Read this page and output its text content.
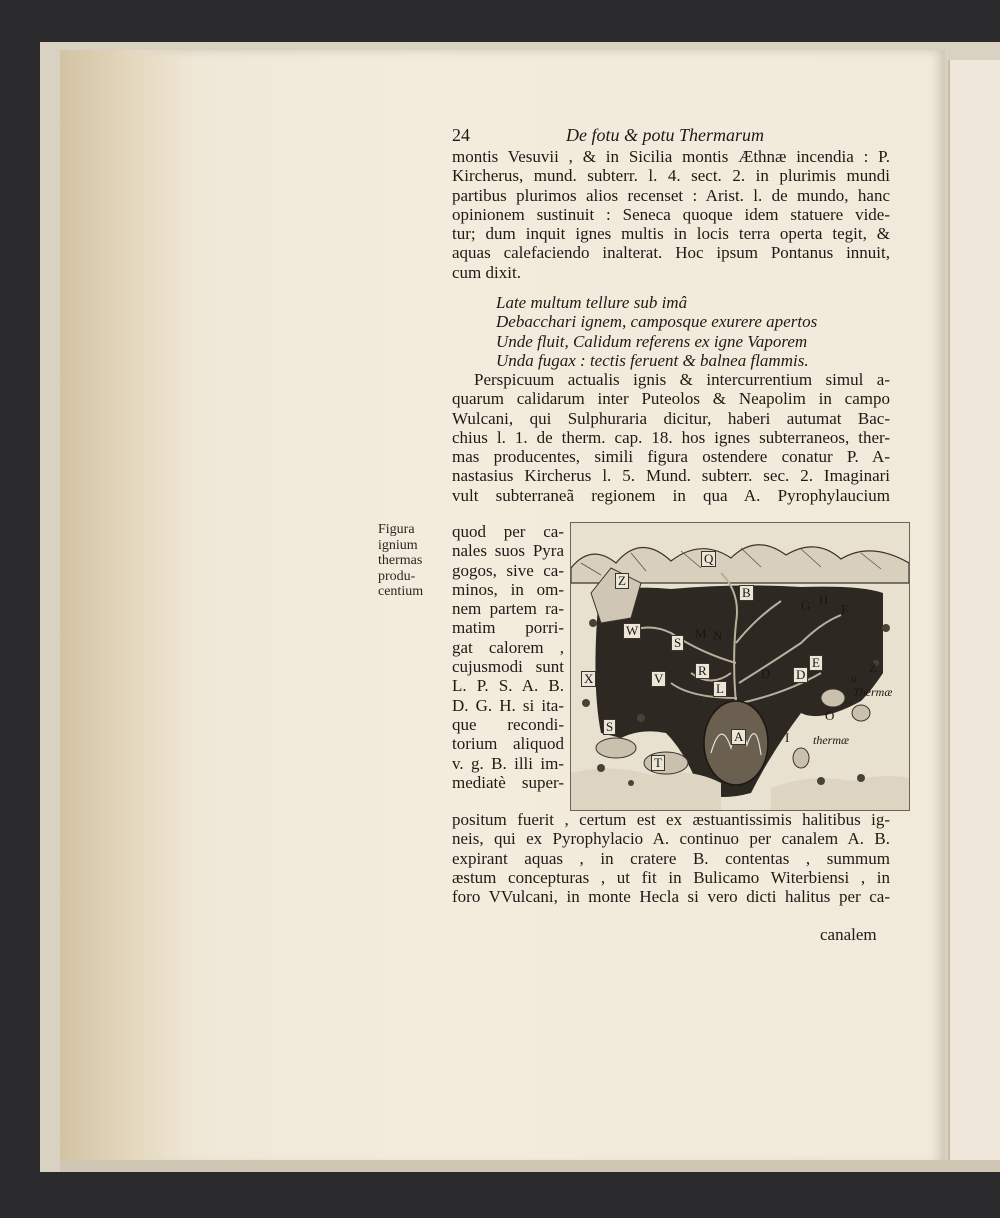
24	De fotu & potu Thermarum
montis Vesuvii , & in Sicilia montis Æthnæ incendia : P.
Kircherus, mund. subterr. l. 4. sect. 2. in plurimis mundi
partibus plurimos alios recenset : Arist. l. de mundo, hanc
opinionem sustinuit : Seneca quoque idem statuere vide-
tur; dum inquit ignes multis in locis terra operta tegit, &
aquas calefaciendo inalterat. Hoc ipsum Pontanus innuit,
cum dixit.
Late multum tellure sub imâ
Debacchari ignem, camposque exurere apertos
Unde fluit, Calidum referens ex igne Vaporem
Unda fugax : tectis feruent & balnea flammis.
Perspicuum actualis ignis & intercurrentium simul a-
quarum calidarum inter Puteolos & Neapolim in campo
Wulcani, qui Sulphuraria dicitur, haberi autumat Bac-
chius l. 1. de therm. cap. 18. hos ignes subterraneos, ther-
mas producentes, simili figura ostendere conatur P. A-
nastasius Kircherus l. 5. Mund. subterr. sec. 2. Imaginari
vult subterraneã regionem in qua A. Pyrophylaucium
Figura
ignium
thermas
produ-
centium
quod per ca-
nales suos Pyra
gogos, sive ca-
minos, in om-
nem partem ra-
matim porri-
gat calorem ,
cujusmodi sunt
L. P. S. A. B.
D. G. H. si ita-
que recondi-
torium aliquod
v. g. B. illi im-
mediatè super-
Q
Z
B
G H
F
W
S
M N
X	V
R
L
D D
E	Z
a
Thermæ
O
S
A	I thermæ
T
positum fuerit , certum est ex æstuantissimis halitibus ig-
neis, qui ex Pyrophylacio A. continuo per canalem A. B.
expirant aquas , in cratere B. contentas , summum
æstum concepturas , ut fit in Bulicamo Witerbiensi , in
foro VVulcani, in monte Hecla si vero dicti halitus per ca-
canalem
